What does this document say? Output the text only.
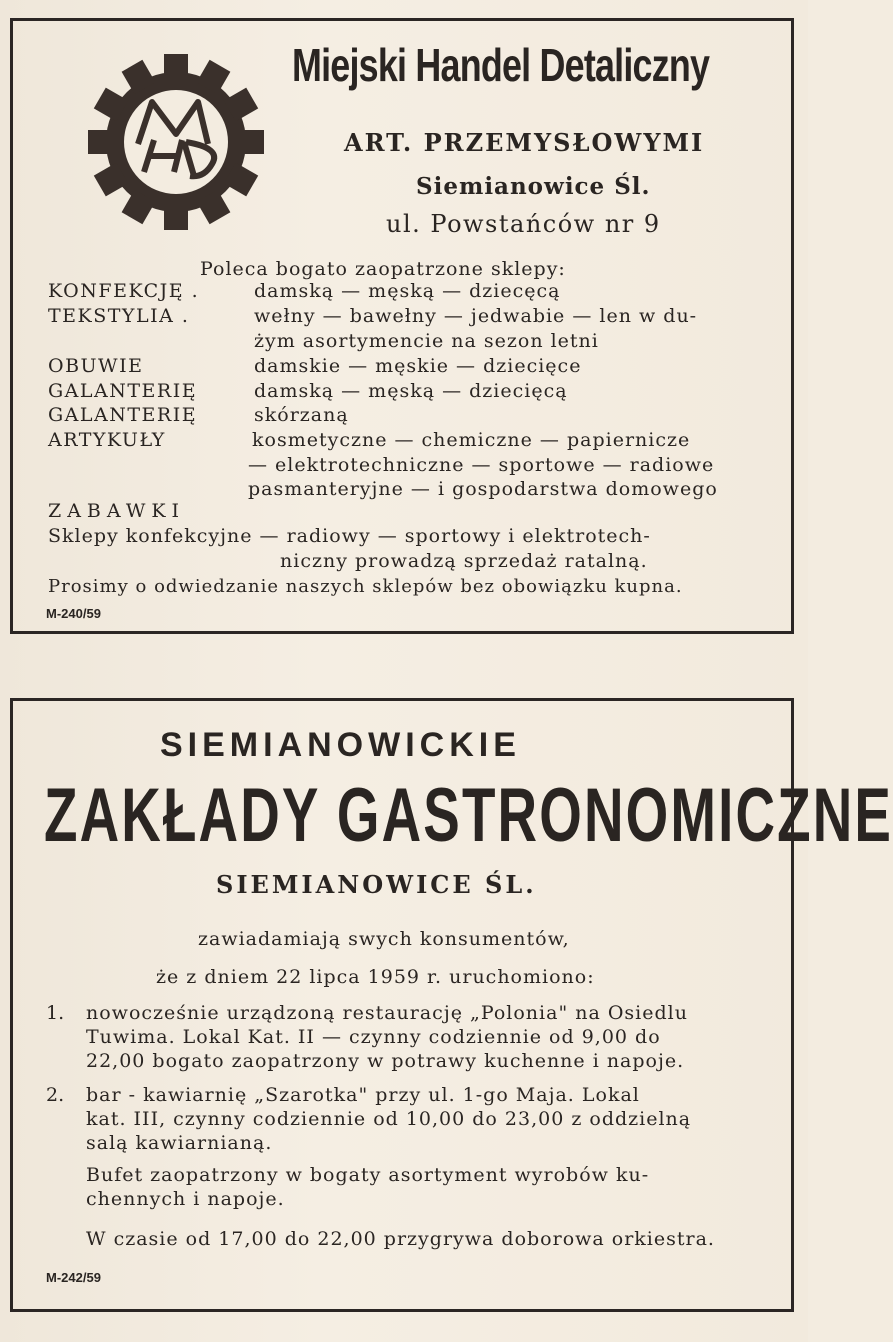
Miejski Handel Detaliczny
ART. PRZEMYSŁOWYMI
Siemianowice Śl.
ul. Powstańców nr 9
Poleca bogato zaopatrzone sklepy:
KONFEKCJĘ .	damską — męską — dziecęcą
TEKSTYLIA .	wełny — bawełny — jedwabie — len w du-
żym asortymencie na sezon letni
OBUWIE	damskie — męskie — dziecięce
GALANTERIĘ	damską — męską — dziecięcą
GALANTERIĘ	skórzaną
ARTYKUŁY	kosmetyczne — chemiczne — papiernicze
— elektrotechniczne — sportowe — radiowe
pasmanteryjne — i gospodarstwa domowego
ZABAWKI
Sklepy konfekcyjne — radiowy — sportowy i elektrotech-
niczny prowadzą sprzedaż ratalną.
Prosimy o odwiedzanie naszych sklepów bez obowiązku kupna.
M-240/59
SIEMIANOWICKIE
ZAKŁADY GASTRONOMICZNE
SIEMIANOWICE ŚL.
zawiadamiają swych konsumentów,
że z dniem 22 lipca 1959 r. uruchomiono:
1. nowocześnie urządzoną restaurację „Polonia" na Osiedlu
Tuwima. Lokal Kat. II — czynny codziennie od 9,00 do
22,00 bogato zaopatrzony w potrawy kuchenne i napoje.
2. bar - kawiarnię „Szarotka" przy ul. 1-go Maja. Lokal
kat. III, czynny codziennie od 10,00 do 23,00 z oddzielną
salą kawiarnianą.
Bufet zaopatrzony w bogaty asortyment wyrobów ku-
chennych i napoje.
W czasie od 17,00 do 22,00 przygrywa doborowa orkiestra.
M-242/59
